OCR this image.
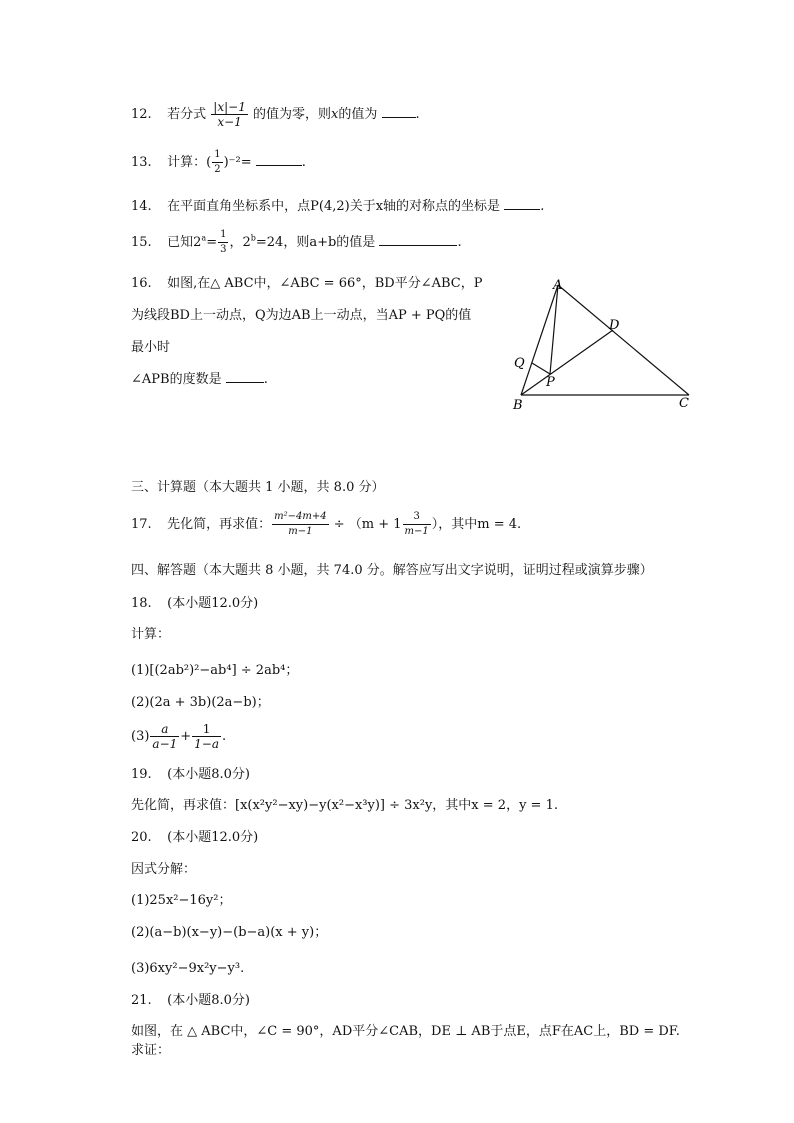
12. 若分式 $\frac{|x|-1}{x-1}$ 的值为零，则x的值为	.
13. 计算：( $\frac{1}{2} )^{-2}=$	.
14. 在平面直角坐标系中，点P(4,2)关于x轴的对称点的坐标是	.
15. 已知$2^a= \frac{1}{3}$ ，$2^b=24$，则a+b的值是	.
16. 如图,在△ ABC中，∠ABC = 66°，BD平分∠ABC，P
为线段BD上一动点，Q为边AB上一动点，当AP + PQ的值
最小时
∠APB的度数是	.
A
B	C
D
P
Q
三、计算题（本大题共 1 小题，共 8.0 分）
17. 先化简，再求值： $\frac{\text{m²−4m+4}}{m-1} \div (m + 1 \frac{3}{m-1}$ ），其中m = 4.
四、解答题（本大题共 8 小题，共 74.0 分。解答应写出文字说明，证明过程或演算步骤）
18. (本小题12.0分)
计算：
(1)[(2ab²)²−ab⁴] ÷ 2ab⁴；
(2)(2a + 3b)(2a−b)；
$(3) \frac{a}{a-1} + \frac{1}{1-a}$ .
19. (本小题8.0分)
先化简，再求值：[x(x²y²−xy)−y(x²−x³y)] ÷ 3x²y，其中x = 2，y = 1.
20. (本小题12.0分)
因式分解：
(1)25x²−16y²；
(2)(a−b)(x−y)−(b−a)(x + y)；
(3)6xy²−9x²y−y³.
21. (本小题8.0分)
如图，在 △ ABC中，∠C = 90°，AD平分∠CAB，DE ⊥ AB于点E，点F在AC上，BD = DF.
求证：
